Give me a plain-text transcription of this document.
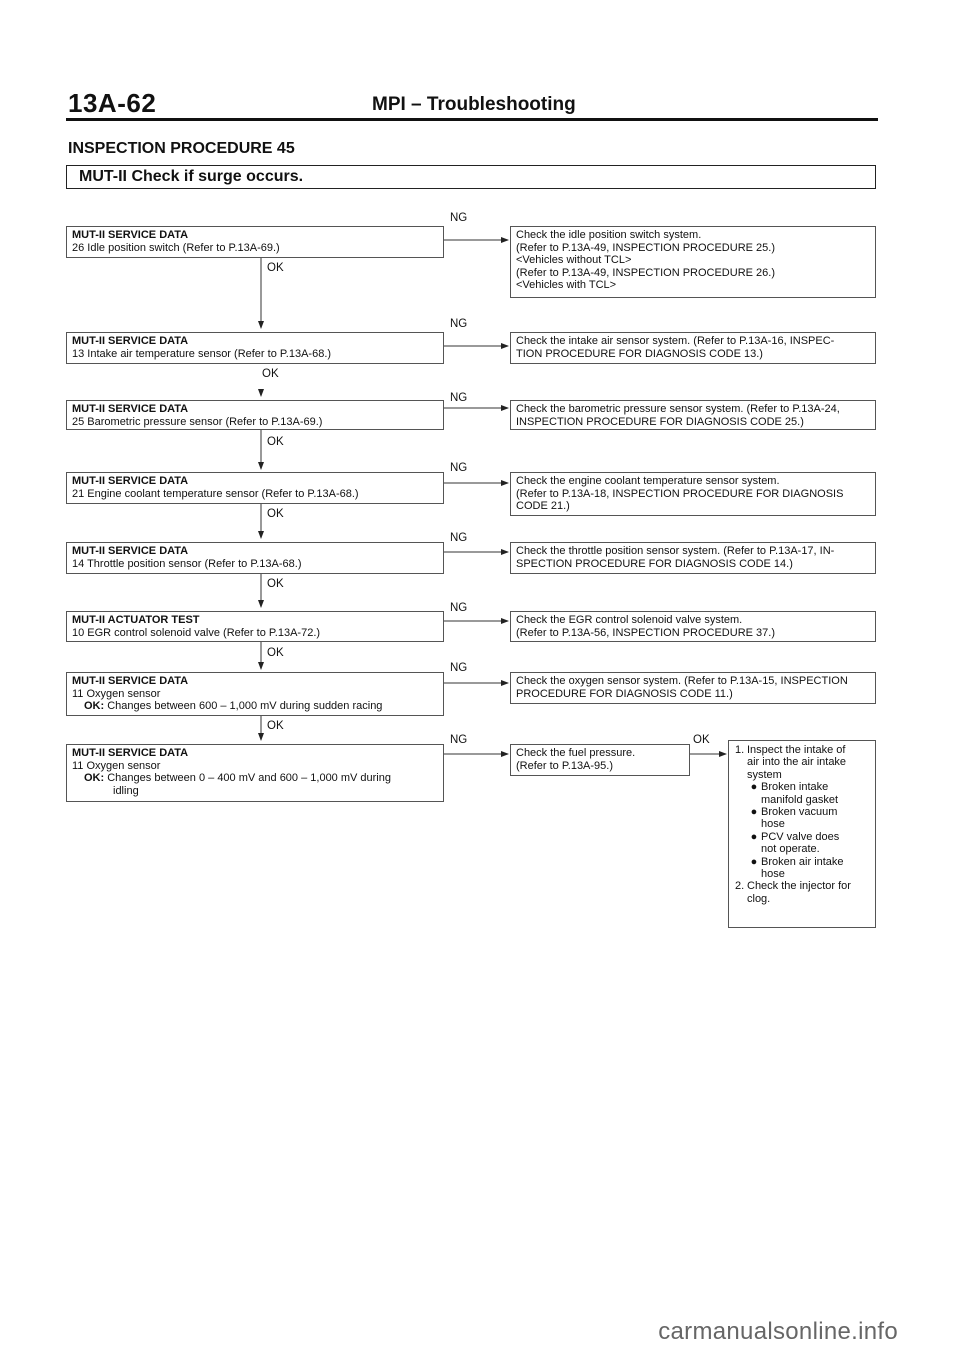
13A-62	MPI – Troubleshooting
INSPECTION PROCEDURE 45
MUT-II Check if surge occurs.
MUT-II SERVICE DATA
26 Idle position switch (Refer to P.13A-69.)
NG
OK
Check the idle position switch system.
(Refer to P.13A-49, INSPECTION PROCEDURE 25.)
<Vehicles without TCL>
(Refer to P.13A-49, INSPECTION PROCEDURE 26.)
<Vehicles with TCL>
MUT-II SERVICE DATA
13 Intake air temperature sensor (Refer to P.13A-68.)
NG
OK
Check the intake air sensor system. (Refer to P.13A-16, INSPEC-
TION PROCEDURE FOR DIAGNOSIS CODE 13.)
MUT-II SERVICE DATA
25 Barometric pressure sensor (Refer to P.13A-69.)
NG
OK
Check the barometric pressure sensor system. (Refer to P.13A-24,
INSPECTION PROCEDURE FOR DIAGNOSIS CODE 25.)
MUT-II SERVICE DATA
21 Engine coolant temperature sensor (Refer to P.13A-68.)
NG
OK
Check the engine coolant temperature sensor system.
(Refer to P.13A-18, INSPECTION PROCEDURE FOR DIAGNOSIS
CODE 21.)
MUT-II SERVICE DATA
14 Throttle position sensor (Refer to P.13A-68.)
NG
OK
Check the throttle position sensor system. (Refer to P.13A-17, IN-
SPECTION PROCEDURE FOR DIAGNOSIS CODE 14.)
MUT-II ACTUATOR TEST
10 EGR control solenoid valve (Refer to P.13A-72.)
NG
OK
Check the EGR control solenoid valve system.
(Refer to P.13A-56, INSPECTION PROCEDURE 37.)
MUT-II SERVICE DATA
11 Oxygen sensor
OK: Changes between 600 – 1,000 mV during sudden racing
NG
OK
Check the oxygen sensor system. (Refer to P.13A-15, INSPECTION
PROCEDURE FOR DIAGNOSIS CODE 11.)
MUT-II SERVICE DATA
11 Oxygen sensor
OK: Changes between 0 – 400 mV and 600 – 1,000 mV during
idling
NG
Check the fuel pressure.
(Refer to P.13A-95.)
OK
1. Inspect the intake of
air into the air intake
system
● Broken intake
manifold gasket
● Broken vacuum
hose
● PCV valve does
not operate.
● Broken air intake
hose
2. Check the injector for
clog.
carmanualsonline.info
